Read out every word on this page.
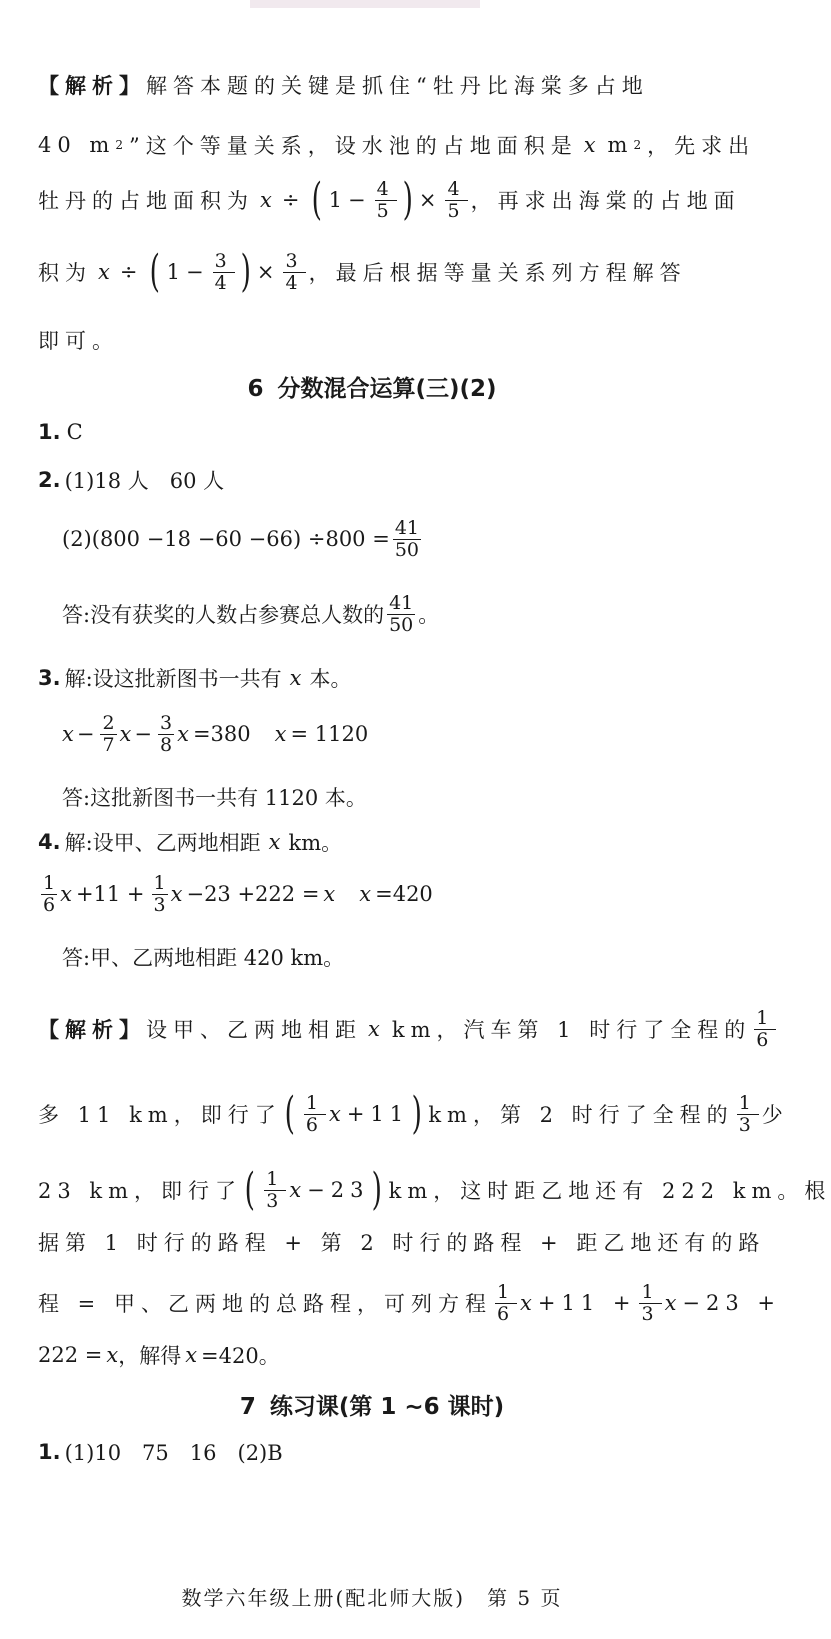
【解析】 解答本题的关键是抓住“牡丹比海棠多占地
40 m 2 ”这个等量关系，设水池的占地面积是 x m 2 ，先求出
牡丹的占地面积为 x ÷ ( $1 - \frac{4}{5}$ ) × $\frac{4}{5}$ ，再求出海棠的占地面
积为 x ÷ ( $1 - \frac{3}{4}$ ) × $\frac{3}{4}$ ，最后根据等量关系列方程解答
即可。
6 分数混合运算(三)(2)
1. C
2. (1)18 人　60 人
$(2)(800 -18 -60 -66) \div 800 = \frac{41}{50}$
答:没有获奖的人数占参赛总人数的 $\frac{41}{50}$ 。
3. 解:设这批新图书一共有 x 本。
$x - \frac{2}{7}$ $x - \frac{3}{8}$ x =380 x = 1120
答:这批新图书一共有 1120 本。
4. 解:设甲、乙两地相距 x km。
$\frac{1}{6}$ $x +11 + \frac{1}{3}$ x −23 +222 = x x =420
答:甲、乙两地相距 420 km。
【解析】 设甲、乙两地相距 x km，汽车第 1 时行了全程的 $\frac{1}{6}$
多 11 km，即行了 ( $\frac{1}{6}$ x +11 ) km，第 2 时行了全程的 $\frac{1}{3}$ 少
23 km，即行了 ( $\frac{1}{3}$ x −23 ) km，这时距乙地还有 222 km。根
据第 1 时行的路程 + 第 2 时行的路程 + 距乙地还有的路
程 = 甲、乙两地的总路程，可列方程 $\frac{1}{6}$ $x +11 + \frac{1}{3}$ x −23 +
222 = x ，解得 x =420。
7 练习课(第 1 ~6 课时)
1. (1)10　75　16　(2)B
数学六年级上册(配北师大版)　第 5 页
